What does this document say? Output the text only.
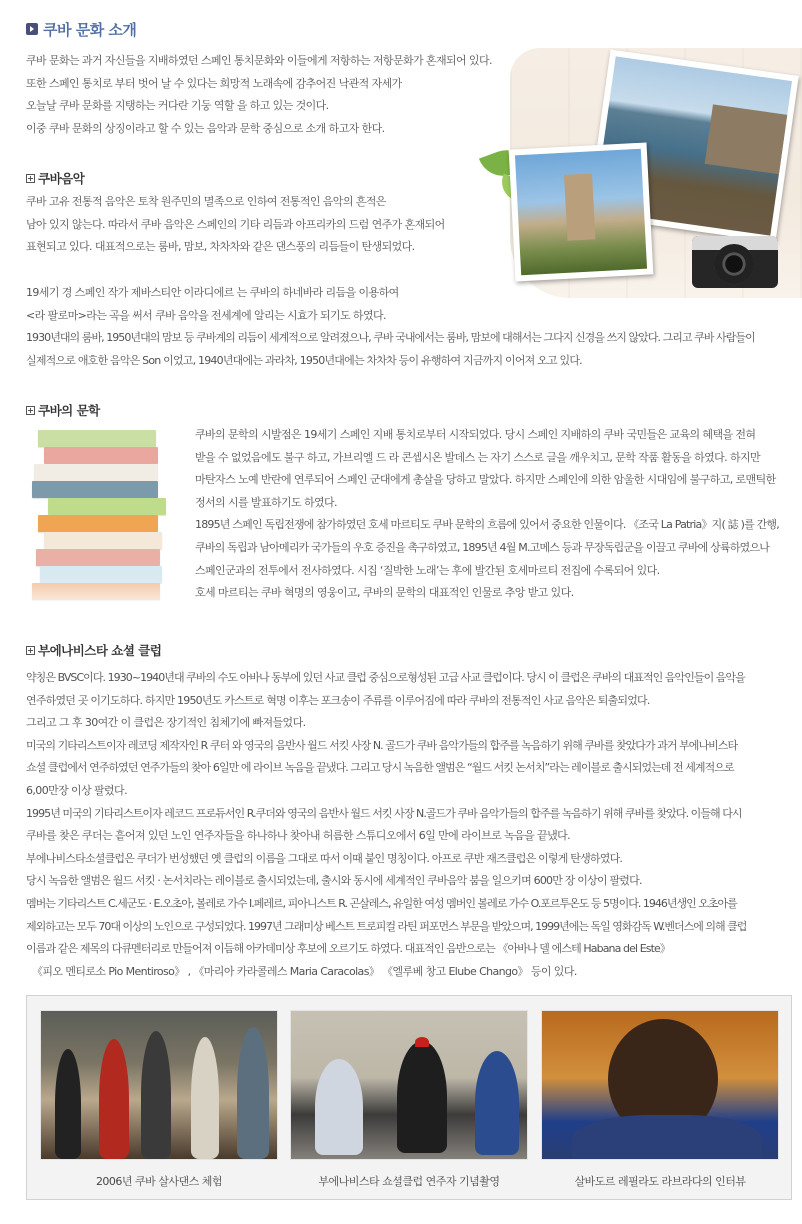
쿠바 문화 소개
쿠바 문화는 과거 자신들을 지배하였던 스페인 통치문화와 이들에게 저항하는 저항문화가 혼재되어 있다.
또한 스페인 통치로 부터 벗어 날 수 있다는 희망적 노래속에 감추어진 낙관적 자세가
오늘날 쿠바 문화를 지탱하는 커다란 기둥 역할 을 하고 있는 것이다.
이중 쿠바 문화의 상징이라고 할 수 있는 음악과 문학 중심으로 소개 하고자 한다.
쿠바음악
쿠바 고유 전통적 음악은 토착 원주민의 멸족으로 인하여 전통적인 음악의 흔적은
남아 있지 않는다. 따라서 쿠바 음악은 스페인의 기타 리듬과 아프리카의 드럼 연주가 혼재되어
표현되고 있다. 대표적으로는 룸바, 맘보, 차차차와 같은 댄스풍의 리듬들이 탄생되었다.
19세기 경 스페인 작가 제바스티안 이라디에르 는 쿠바의 하네바라 리듬을 이용하여
<라 팔로마>라는 곡을 써서 쿠바 음악을 전세계에 알리는 시효가 되기도 하였다.
1930년대의 룸바, 1950년대의 맘보 등 쿠바계의 리듬이 세계적으로 알려졌으나, 쿠바 국내에서는 룸바, 맘보에 대해서는 그다지 신경을 쓰지 않았다. 그리고 쿠바 사람들이
실제적으로 애호한 음악은 Son 이었고, 1940년대에는 과라차, 1950년대에는 차차차 등이 유행하여 지금까지 이어져 오고 있다.
쿠바의 문학
쿠바의 문학의 시발점은 19세기 스페인 지배 통치로부터 시작되었다. 당시 스페인 지배하의 쿠바 국민들은 교육의 혜택을 전혀
받을 수 없었음에도 불구 하고, 가브리엘 드 라 콘셉시온 발데스 는 자기 스스로 글을 깨우치고, 문학 작품 활동을 하였다. 하지만
마탄자스 노예 반란에 연루되어 스페인 군대에게 총살을 당하고 말았다. 하지만 스페인에 의한 암울한 시대임에 불구하고, 로맨틱한
정서의 시를 발표하기도 하였다.
1895년 스페인 독립전쟁에 참가하였던 호세 마르티도 쿠바 문학의 흐름에 있어서 중요한 인물이다. 《조국 La Patria》지( 誌 )를 간행,
쿠바의 독립과 남아메리카 국가들의 우호 증진을 촉구하였고, 1895년 4월 M.고메스 등과 무장독립군을 이끌고 쿠바에 상륙하였으나
스페인군과의 전투에서 전사하였다. 시집 ‘질박한 노래’는 후에 발간된 호세마르티 전집에 수록되어 있다.
호세 마르티는 쿠바 혁명의 영웅이고, 쿠바의 문학의 대표적인 인물로 추앙 받고 있다.
부에나비스타 쇼셜 클럽
약칭은 BVSC이다. 1930~1940년대 쿠바의 수도 아바나 동부에 있던 사교 클럽 중심으로형성된 고급 사교 클럽이다. 당시 이 클럽은 쿠바의 대표적인 음악인들이 음악을
연주하였던 곳 이기도하다. 하지만 1950년도 카스트로 혁명 이후는 포크송이 주류를 이루어짐에 따라 쿠바의 전통적인 사교 음악은 퇴출되었다.
그리고 그 후 30여간 이 클럽은 장기적인 침체기에 빠져들었다.
미국의 기타리스트이자 레코딩 제작자인 R 쿠터 와 영국의 음반사 월드 서킷 사장 N. 골드가 쿠바 음악가들의 합주를 녹음하기 위해 쿠바를 찾았다가 과거 부에나비스타
쇼셜 클럽에서 연주하였던 연주가들의 찾아 6일만 에 라이브 녹음을 끝냈다. 그리고 당시 녹음한 앨범은 “월드 서킷 논서치”라는 레이블로 출시되었는데 전 세계적으로
6,00만장 이상 팔렸다.
1995년 미국의 기타리스트이자 레코드 프로듀서인 R.쿠더와 영국의 음반사 월드 서킷 사장 N.골드가 쿠바 음악가들의 합주를 녹음하기 위해 쿠바를 찾았다. 이들해 다시
쿠바를 찾은 쿠더는 흩어져 있던 노인 연주자들을 하나하나 찾아내 허름한 스튜디오에서 6일 만에 라이브로 녹음을 끝냈다.
부에나비스타소셜클럽은 쿠더가 번성했던 옛 클럽의 이름을 그대로 따서 이때 붙인 명칭이다. 아프로 쿠반 재즈클럽은 이렇게 탄생하였다.
당시 녹음한 앨범은 월드 서킷 · 논서치라는 레이블로 출시되었는데, 출시와 동시에 세계적인 쿠바음악 붐을 일으키며 600만 장 이상이 팔렸다.
멤버는 기타리스트 C.세군도 · E.오초아, 볼레로 가수 I.페레르, 피아니스트 R. 곤살레스, 유일한 여성 멤버인 볼레로 가수 O.포르투온도 등 5명이다. 1946년생인 오초아를
제외하고는 모두 70대 이상의 노인으로 구성되었다. 1997년 그래미상 베스트 트로피컬 라틴 퍼포먼스 부문을 받았으며, 1999년에는 독일 영화감독 W.벤더스에 의해 클럽
이름과 같은 제목의 다큐멘터리로 만들어져 이듬해 아카데미상 후보에 오르기도 하였다. 대표적인 음반으로는 《아바나 델 에스테 Habana del Este》
《피오 멘티로소 Pio Mentiroso》 , 《마리아 카라콜레스 Maria Caracolas》 《엘루베 창고 Elube Chango》 등이 있다.
2006년 쿠바 살사댄스 체험	부에나비스타 쇼셜클럽 연주자 기념촬영	살바도르 레필라도 라브라다의 인터뷰
